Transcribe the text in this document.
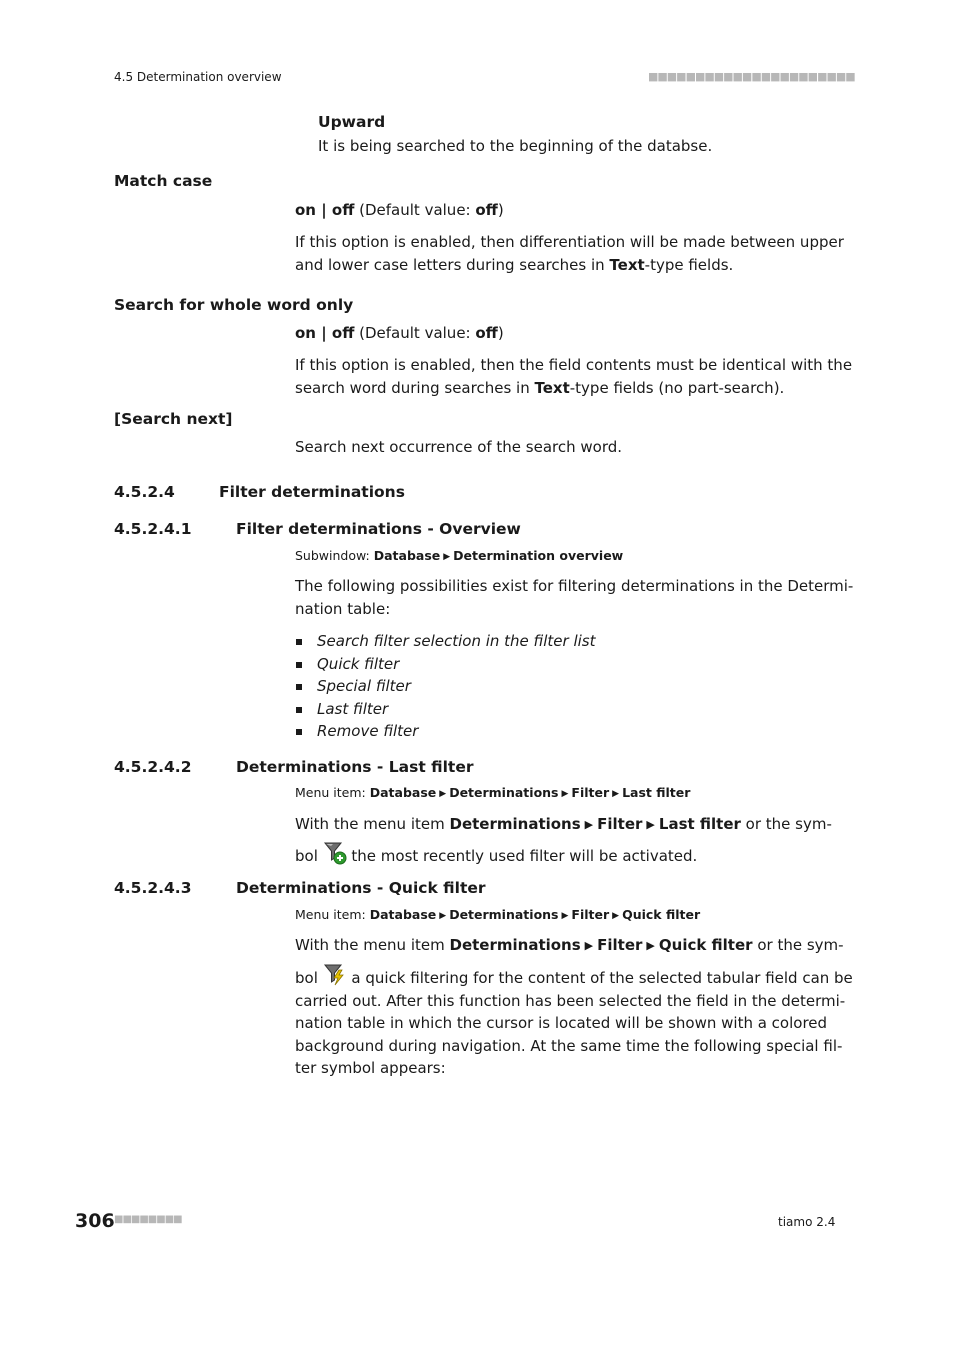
4.5 Determination overview	■■■■■■■■■■■■■■■■■■■■■■
Upward
It is being searched to the beginning of the databse.
Match case
on | off (Default value: off)
If this option is enabled, then differentiation will be made between upper
and lower case letters during searches in Text-type fields.
Search for whole word only
on | off (Default value: off)
If this option is enabled, then the field contents must be identical with the
search word during searches in Text-type fields (no part-search).
[Search next]
Search next occurrence of the search word.
4.5.2.4	Filter determinations
4.5.2.4.1	Filter determinations - Overview
Subwindow: Database ▶ Determination overview
The following possibilities exist for filtering determinations in the Determi-
nation table:
Search filter selection in the filter list
Quick filter
Special filter
Last filter
Remove filter
4.5.2.4.2	Determinations - Last filter
Menu item: Database ▶ Determinations ▶ Filter ▶ Last filter
With the menu item Determinations ▶ Filter ▶ Last filter or the sym-
bol  the most recently used filter will be activated.
4.5.2.4.3	Determinations - Quick filter
Menu item: Database ▶ Determinations ▶ Filter ▶ Quick filter
With the menu item Determinations ▶ Filter ▶ Quick filter or the sym-
bol  a quick filtering for the content of the selected tabular field can be
carried out. After this function has been selected the field in the determi-
nation table in which the cursor is located will be shown with a colored
background during navigation. At the same time the following special fil-
ter symbol appears:
306 ■■■■■■■■	tiamo 2.4
